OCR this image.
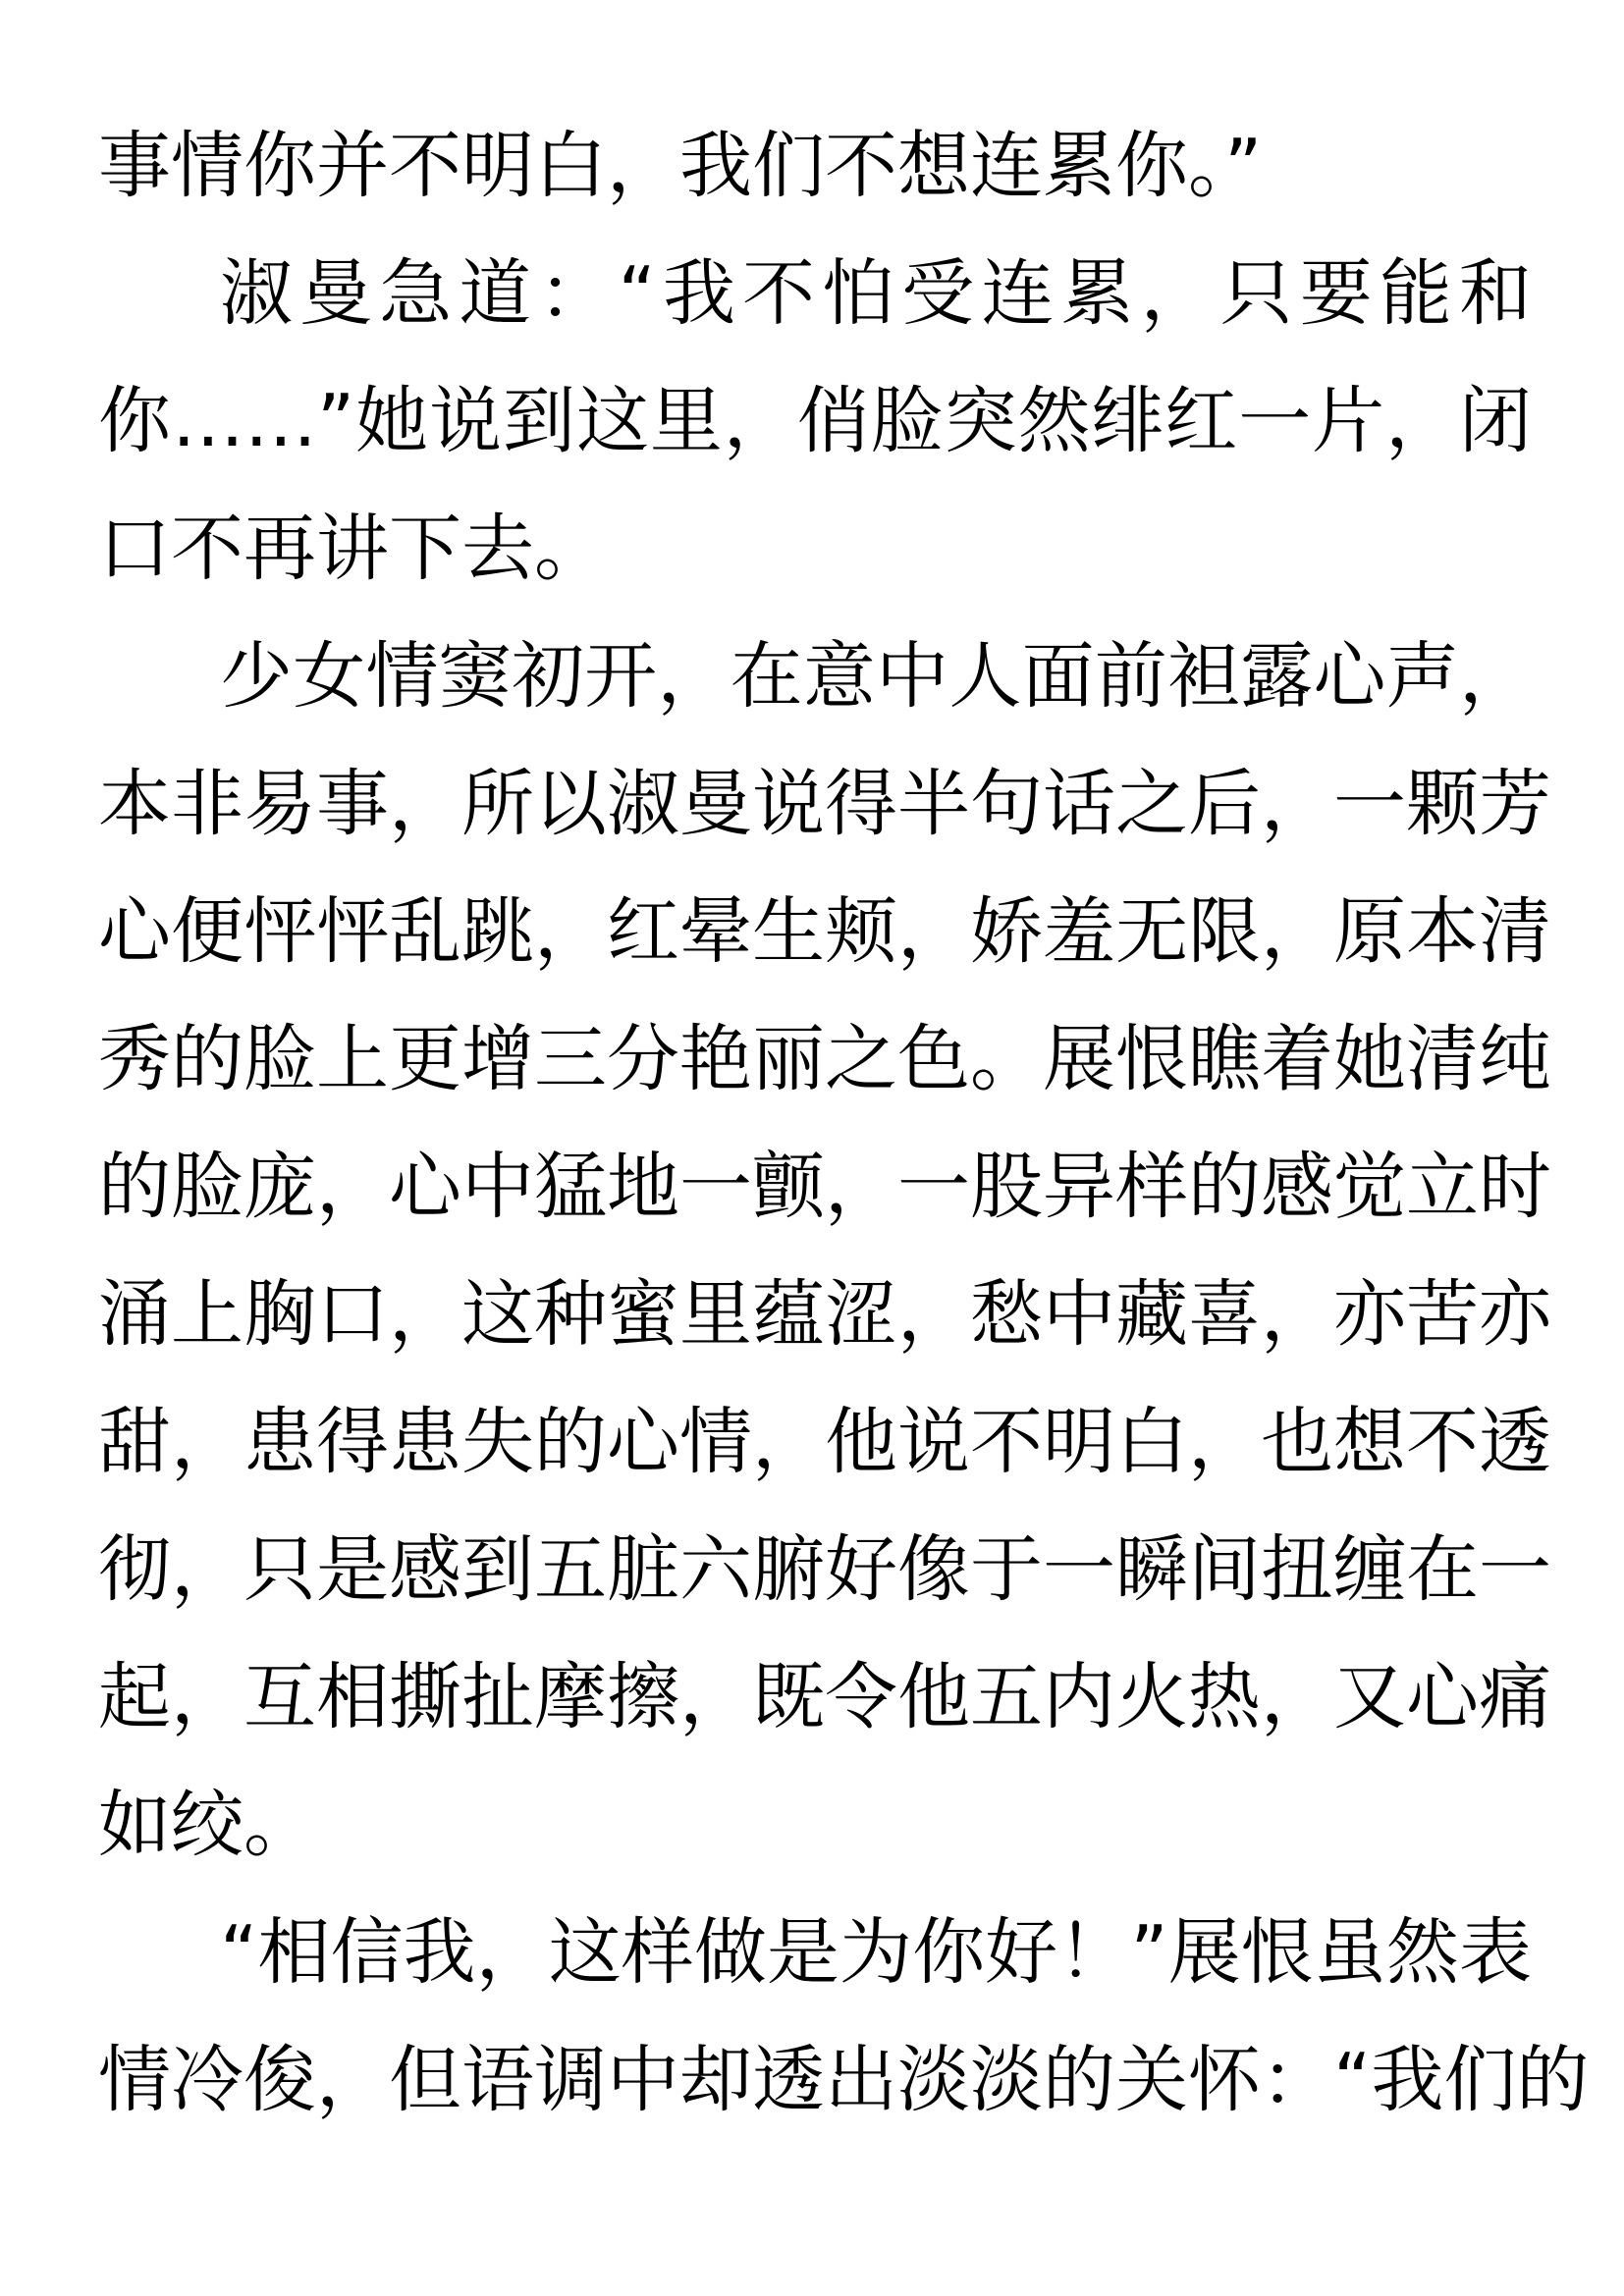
事情你并不明白，我们不想连累你。”
淑曼急道：“我不怕受连累，只要能和
你……”她说到这里，俏脸突然绯红一片，闭
口不再讲下去。
少女情窦初开，在意中人面前袒露心声，
本非易事，所以淑曼说得半句话之后，一颗芳
心便怦怦乱跳，红晕生颊，娇羞无限，原本清
秀的脸上更增三分艳丽之色。展恨瞧着她清纯
的脸庞，心中猛地一颤，一股异样的感觉立时
涌上胸口，这种蜜里蕴涩，愁中藏喜，亦苦亦
甜，患得患失的心情，他说不明白，也想不透
彻，只是感到五脏六腑好像于一瞬间扭缠在一
起，互相撕扯摩擦，既令他五内火热，又心痛
如绞。
“相信我，这样做是为你好！”展恨虽然表
情冷俊，但语调中却透出淡淡的关怀：“我们的
